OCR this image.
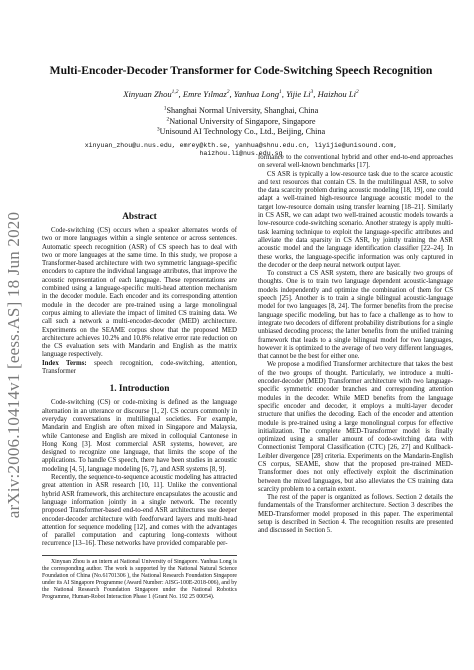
arXiv:2006.10414v1 [eess.AS] 18 Jun 2020
Multi-Encoder-Decoder Transformer for Code-Switching Speech Recognition
Xinyuan Zhou$^{1,2}$, Emre Yılmaz$^2$, Yanhua Long$^1$, Yijie Li$^3$, Haizhou Li$^2$
$^1$Shanghai Normal University, Shanghai, China
$^2$National University of Singapore, Singapore
$^3$Unisound AI Technology Co., Ltd., Beijing, China
xinyuan_zhou@u.nus.edu, emrey@kth.se, yanhua@shnu.edu.cn, liyijie@unisound.com,
haizhou.li@nus.edu.sg
Abstract

Code-switching (CS) occurs when a speaker alternates words of two or more languages within a single sentence or across sentences. Automatic speech recognition (ASR) of CS speech has to deal with two or more languages at the same time. In this study, we propose a Transformer-based architecture with two symmetric language-specific encoders to capture the individual language attributes, that improve the acoustic representation of each language. These representations are combined using a language-specific multi-head attention mechanism in the decoder module. Each encoder and its corresponding attention module in the decoder are pre-trained using a large monolingual corpus aiming to alleviate the impact of limited CS training data. We call such a network a multi-encoder-decoder (MED) architecture. Experiments on the SEAME corpus show that the proposed MED architecture achieves 10.2% and 10.8% relative error rate reduction on the CS evaluation sets with Mandarin and English as the matrix language respectively.

Index Terms: speech recognition, code-switching, attention, Transformer

1. Introduction

Code-switching (CS) or code-mixing is defined as the language alternation in an utterance or discourse [1, 2]. CS occurs commonly in everyday conversations in multilingual societies. For example, Mandarin and English are often mixed in Singapore and Malaysia, while Cantonese and English are mixed in colloquial Cantonese in Hong Kong [3]. Most commercial ASR systems, however, are designed to recognize one language, that limits the scope of the applications. To handle CS speech, there have been studies in acoustic modeling [4, 5], language modeling [6, 7], and ASR systems [8, 9].

Recently, the sequence-to-sequence acoustic modeling has attracted great attention in ASR research [10, 11]. Unlike the conventional hybrid ASR framework, this architecture encapsulates the acoustic and language information jointly in a single network. The recently proposed Transformer-based end-to-end ASR architectures use deeper encoder-decoder architecture with feedforward layers and multi-head attention for sequence modeling [12], and comes with the advantages of parallel computation and capturing long-contexts without recurrence [13–16]. These networks have provided comparable per-

Xinyuan Zhou is an intern at National University of Singapore. Yanhua Long is the corresponding author. The work is supported by the National Natural Science Foundation of China (No.61701306 ), the National Research Foundation Singapore under its AI Singapore Programme (Award Number: AISG-100E-2018-006), and by the National Research Foundation Singapore under the National Robotics Programme, Human-Robot Interaction Phase 1 (Grant No. 192 25 00054).

formance to the conventional hybrid and other end-to-end approaches on several well-known benchmarks [17].

CS ASR is typically a low-resource task due to the scarce acoustic and text resources that contain CS. In the multilingual ASR, to solve the data scarcity problem during acoustic modeling [18, 19], one could adapt a well-trained high-resource language acoustic model to the target low-resource domain using transfer learning [18–21]. Similarly in CS ASR, we can adapt two well-trained acoustic models towards a low-resource code-switching scenario. Another strategy is apply multi-task learning technique to exploit the language-specific attributes and alleviate the data sparsity in CS ASR, by jointly training the ASR acoustic model and the language identification classifier [22–24]. In these works, the language-specific information was only captured in the decoder or the deep neural network output layer.

To construct a CS ASR system, there are basically two groups of thoughts. One is to train two language dependent acoustic-language models independently and optimize the combination of them for CS speech [25]. Another is to train a single bilingual acoustic-language model for two languages [8, 24]. The former benefits from the precise language specific modeling, but has to face a challenge as to how to integrate two decoders of different probability distributions for a single unbiased decoding process; the latter benefits from the unified training framework that leads to a single bilingual model for two languages, however it is optimized to the average of two very different languages, that cannot be the best for either one.

We propose a modified Transformer architecture that takes the best of the two groups of thought. Particularly, we introduce a multi-encoder-decoder (MED) Transformer architecture with two language-specific symmetric encoder branches and corresponding attention modules in the decoder. While MED benefits from the language specific encoder and decoder, it employs a multi-layer decoder structure that unifies the decoding. Each of the encoder and attention module is pre-trained using a large monolingual corpus for effective initialization. The complete MED-Transformer model is finally optimized using a smaller amount of code-switching data with Connectionist Temporal Classification (CTC) [26, 27] and Kullback-Leibler divergence [28] criteria. Experiments on the Mandarin-English CS corpus, SEAME, show that the proposed pre-trained MED-Transformer does not only effectively exploit the discrimination between the mixed languages, but also alleviates the CS training data scarcity problem to a certain extent.

The rest of the paper is organized as follows. Section 2 details the fundamentals of the Transformer architecture. Section 3 describes the MED-Transformer model proposed in this paper. The experimental setup is described in Section 4. The recognition results are presented and discussed in Section 5.
